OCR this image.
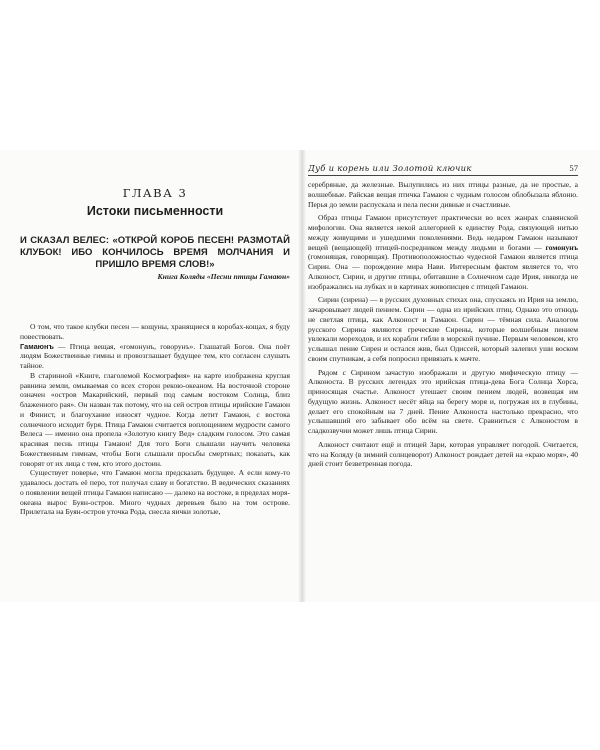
ГЛАВА 3
Истоки письменности

И СКАЗАЛ ВЕЛЕС: «ОТКРОЙ КОРОБ ПЕСЕН! РАЗМОТАЙ КЛУБОК! ИБО КОНЧИЛОСЬ ВРЕМЯ МОЛЧАНИЯ И ПРИШЛО ВРЕМЯ СЛОВ!»

Книга Коляды «Песни птицы Гамаюн»

О том, что такое клубки песен — кощуны, хранящиеся в коробах-кощах, я буду повествовать.

Гамаюнъ — Птица вещая, «гомонунъ, говорунъ». Глашатай Богов. Она поёт людям Божественные гимны и провозглашает будущее тем, кто согласен слушать тайное.

В старинной «Книге, глаголемой Космография» на карте изображена круглая равнина земли, омываемая со всех сторон рекою-океаном. На восточной стороне означен «остров Макарийский, первый под самым востоком Солнца, близ блаженного рая». Он назван так потому, что на сей остров птицы ирийские Гамаюн и Финист, и благоухание износят чудное. Когда летит Гамаюн, с востока солнечного исходит буря. Птица Гамаюн считается воплощением мудрости самого Велеса — именно она пропела «Золотую книгу Вед» сладким голосом. Это самая красивая песнь птицы Гамаюн! Для того Боги слышали научить человека Божественным гимнам, чтобы Боги слышали просьбы смертных; показать, как говорят от их лица с тем, кто этого достоин.

Существует поверье, что Гамаюн могла предсказать будущее. А если кому-то удавалось достать её перо, тот получал славу и богатство. В ведических сказаниях о появлении вещей птицы Гамаюн написано — далеко на востоке, в пределах моря-океана вырос Буян-остров. Много чудных деревьев было на том острове. Прилетала на Буян-остров уточка Рода, снесла яички золотые,

Дуб и корень или Золотой ключик	57

серебряные, да железные. Вылупились из них птицы разные, да не простые, а волшебные. Райская вещая птичка Гамаюн с чудным голосом облобызала яблоню. Перья до земли распускала и пела песни дивные и счастливые.

Образ птицы Гамаюн присутствует практически во всех жанрах славянской мифологии. Она является некой аллегорией к единству Рода, связующей нитью между живущими и ушедшими поколениями. Ведь недаром Гамаюн называют вещей (вещающей) птицей-посредником между людьми и богами — гомонунъ (гомонящая, говорящая). Противоположностью чудесной Гамаюн является птица Сирин. Она — порождение мира Нави. Интересным фактом является то, что Алконост, Сирин, и другие птицы, обитавшие в Солнечном саде Ирия, никогда не изображались на лубках и в картинах живописцев с птицей Гамаюн.

Сирин (сирена) — в русских духовных стихах она, спускаясь из Ирия на землю, зачаровывает людей пением. Сирин — одна из ирийских птиц. Однако это отнюдь не светлая птица, как Алконост и Гамаюн. Сирин — тёмная сила. Аналогом русского Сирина являются греческие Сирены, которые волшебным пением увлекали мореходов, и их корабли гибли в морской пучине. Первым человеком, кто услышал пение Сирен и остался жив, был Одиссей, который залепил уши воском своим спутникам, а себя попросил привязать к мачте.

Рядом с Сирином зачастую изображали и другую мифическую птицу — Алконоста. В русских легендах это ирийская птица-дева Бога Солнца Хорса, приносящая счастье. Алконост утешает своим пением людей, возвещая им будущую жизнь. Алконост несёт яйца на берегу моря и, погружая их в глубины, делает его спокойным на 7 дней. Пение Алконоста настолько прекрасно, что услышавший его забывает обо всём на свете. Сравниться с Алконостом в сладкозвучии может лишь птица Сирин.

Алконост считают ещё и птицей Зари, которая управляет погодой. Считается, что на Коляду (в зимний солнцеворот) Алконост рождает детей на «краю моря», 40 дней стоит безветренная погода.
